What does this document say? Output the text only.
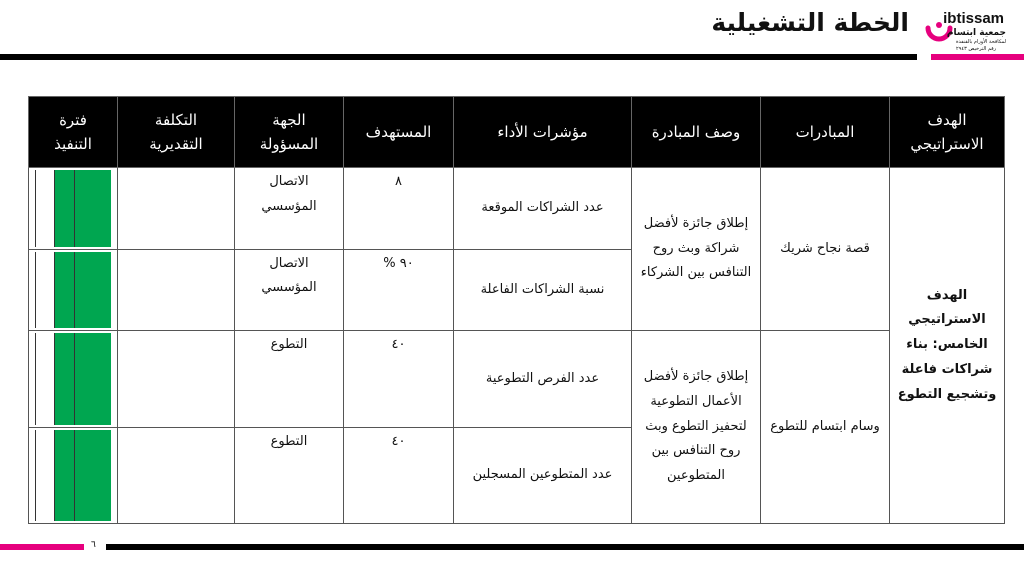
ibtissam
جمعية ابتسام
لمكافحة الأورام بالقنفذة
رقم الترخيص ٢٩٤٣
الخطة التشغيلية
الهدف الاستراتيجي	المبادرات	وصف المبادرة	مؤشرات الأداء	المستهدف	الجهة المسؤولة	التكلفة التقديرية	فترة التنفيذ
الهدف الاستراتيجي الخامس: بناء شراكات فاعلة وتشجيع التطوع	قصة نجاح شريك	إطلاق جائزة لأفضل شراكة وبث روح التنافس بين الشركاء	عدد الشراكات الموقعة	٨	الاتصال المؤسسي		

			نسبة الشراكات الفاعلة	٩٠ %	الاتصال المؤسسي		

	وسام ابتسام للتطوع	إطلاق جائزة لأفضل الأعمال التطوعية لتحفيز التطوع وبث روح التنافس بين المتطوعين	عدد الفرص التطوعية	٤٠	التطوع		

			عدد المتطوعين المسجلين	٤٠	التطوع		
٦
